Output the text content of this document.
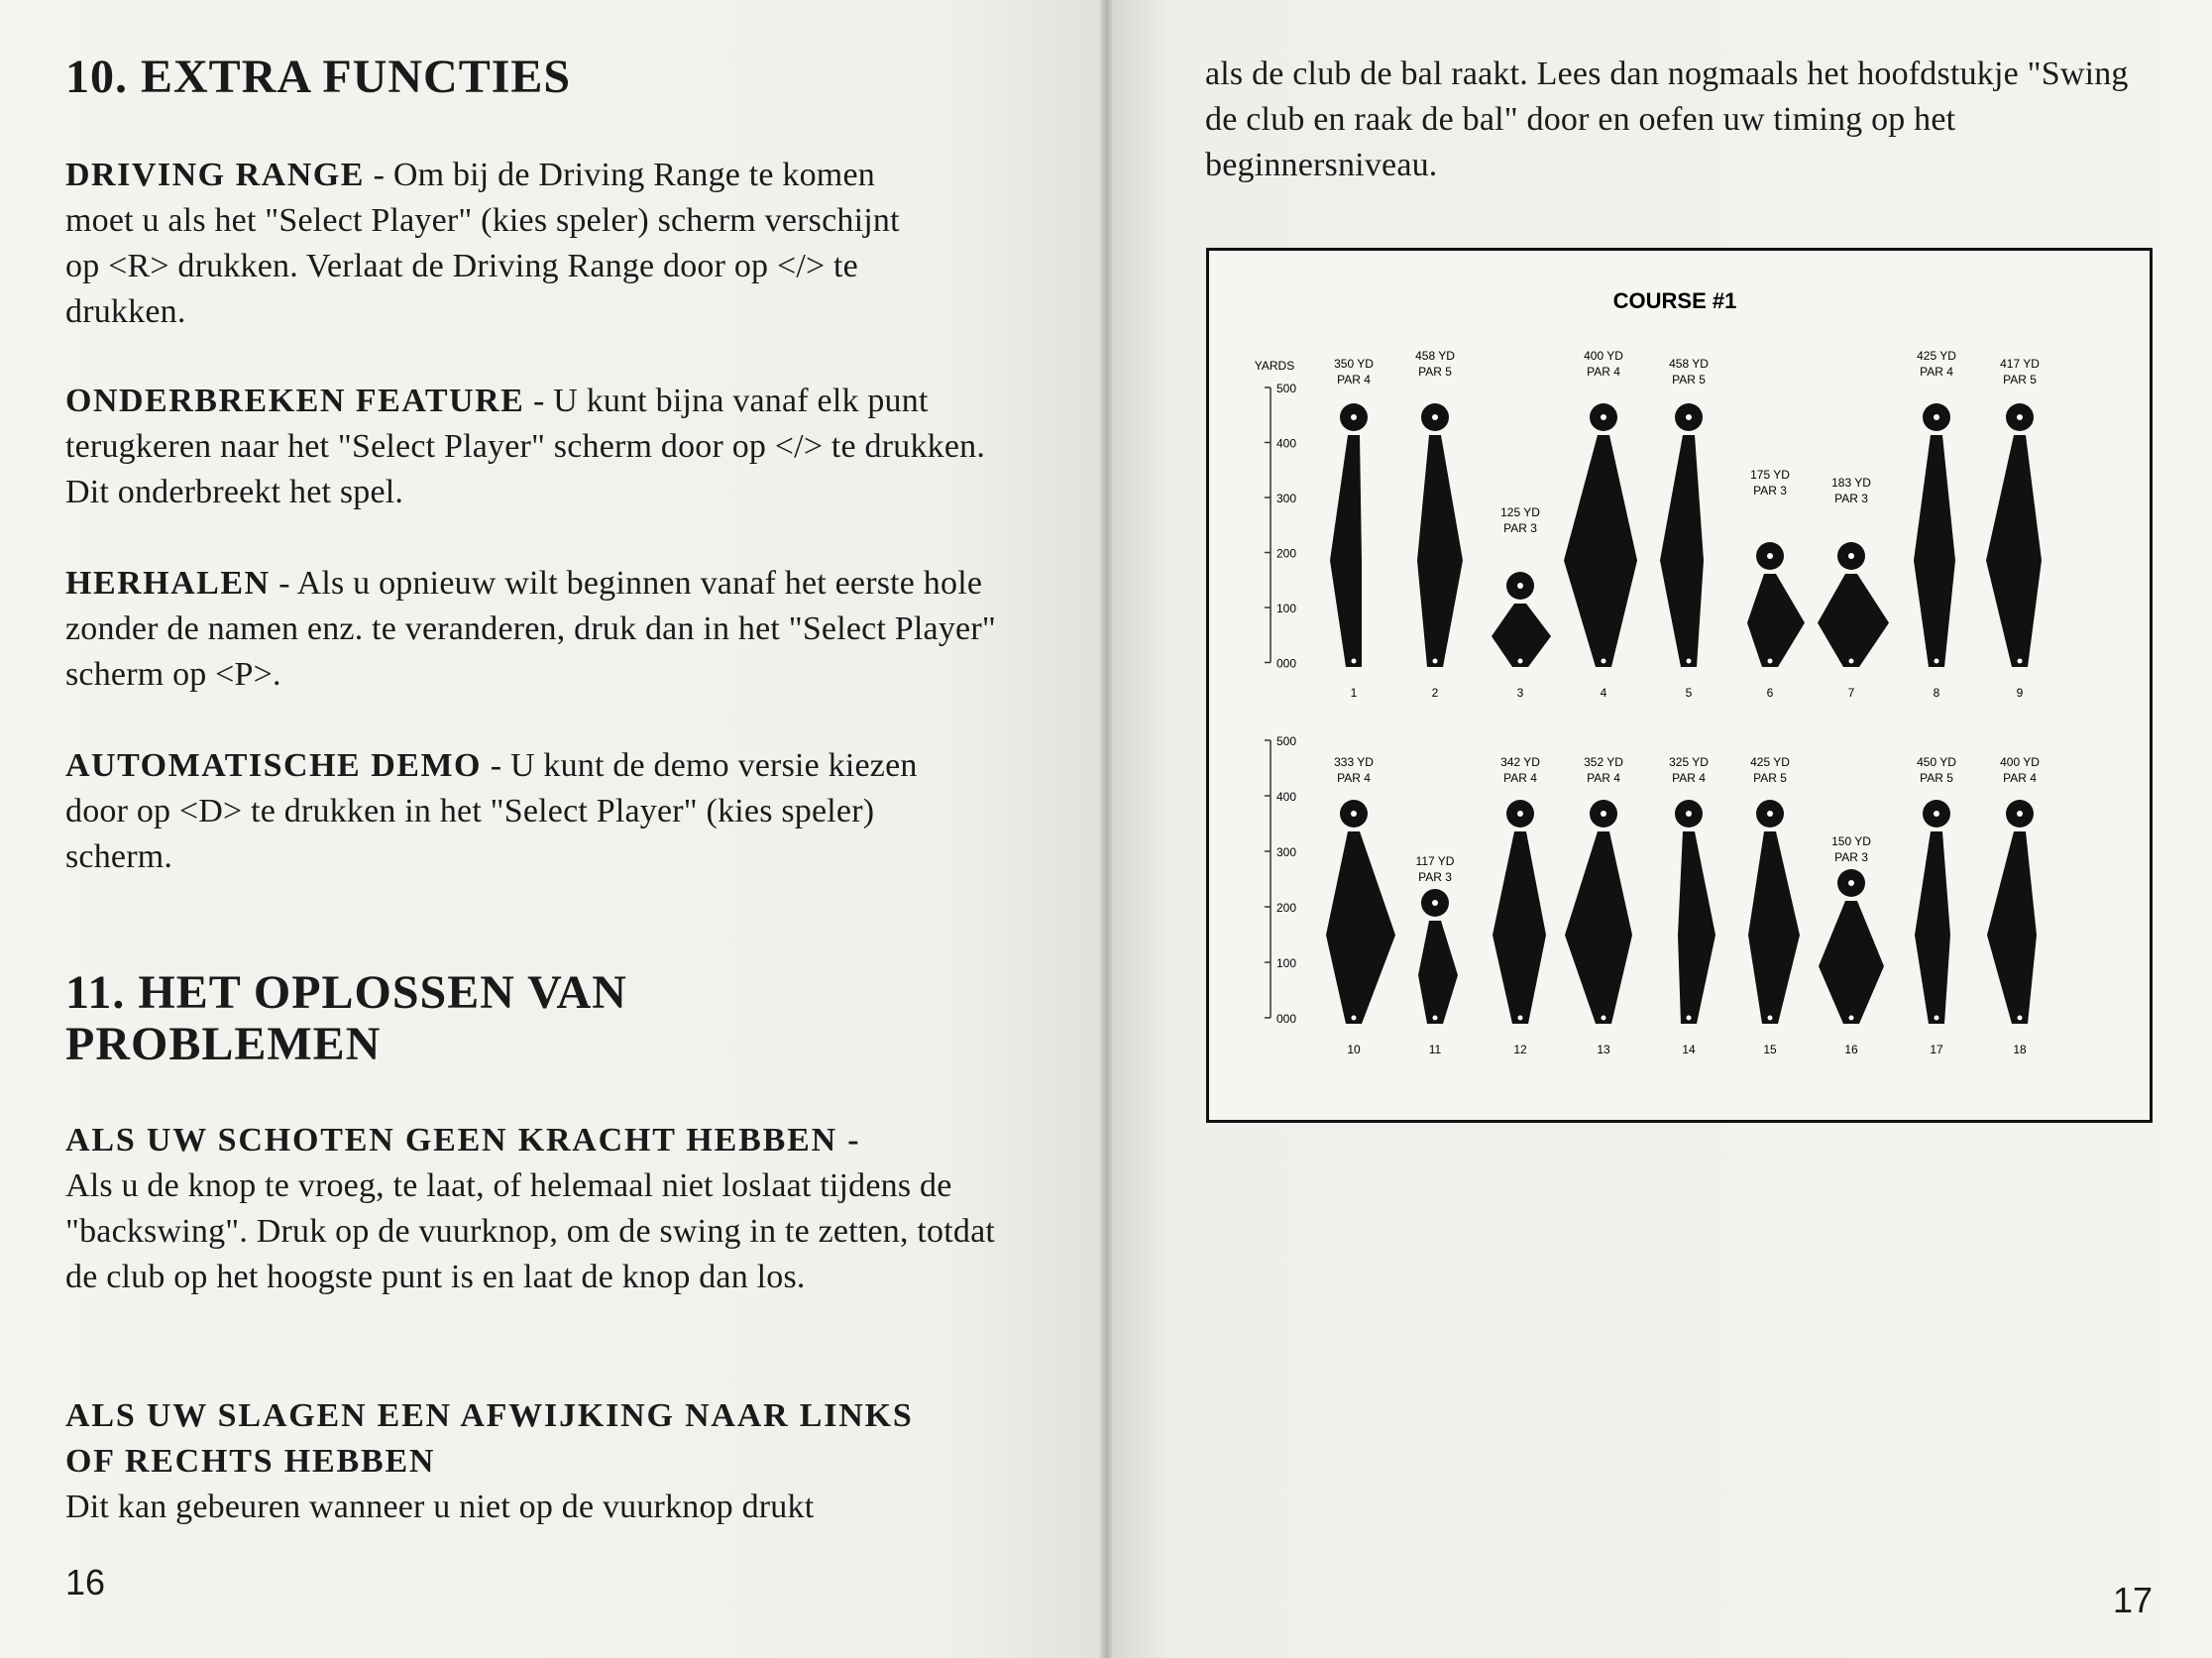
10. EXTRA FUNCTIES

DRIVING RANGE - Om bij de Driving Range te komen moet u als het "Select Player" (kies speler) scherm verschijnt op <R> drukken. Verlaat de Driving Range door op </> te drukken.

ONDERBREKEN FEATURE - U kunt bijna vanaf elk punt terugkeren naar het "Select Player" scherm door op </> te drukken. Dit onderbreekt het spel.

HERHALEN - Als u opnieuw wilt beginnen vanaf het eerste hole zonder de namen enz. te veranderen, druk dan in het "Select Player" scherm op <P>.

AUTOMATISCHE DEMO - U kunt de demo versie kiezen door op <D> te drukken in het "Select Player" (kies speler) scherm.

11. HET OPLOSSEN VAN PROBLEMEN

ALS UW SCHOTEN GEEN KRACHT HEBBEN -

Als u de knop te vroeg, te laat, of helemaal niet loslaat tijdens de "backswing". Druk op de vuurknop, om de swing in te zetten, totdat de club op het hoogste punt is en laat de knop dan los.

ALS UW SLAGEN EEN AFWIJKING NAAR LINKS OF RECHTS HEBBEN

Dit kan gebeuren wanneer u niet op de vuurknop drukt

16

als de club de bal raakt. Lees dan nogmaals het hoofdstukje "Swing de club en raak de bal" door en oefen uw timing op het beginnersniveau.

17
COURSE #1
YARDS
500
400
300
200
100
000
500
400
300
200
100
000
350 YD
PAR 4
1
333 YD
PAR 4
10
458 YD
PAR 5
2
117 YD
PAR 3
11
125 YD
PAR 3
3
342 YD
PAR 4
12
400 YD
PAR 4
4
352 YD
PAR 4
13
458 YD
PAR 5
5
325 YD
PAR 4
14
175 YD
PAR 3
6
425 YD
PAR 5
15
183 YD
PAR 3
7
150 YD
PAR 3
16
425 YD
PAR 4
8
450 YD
PAR 5
17
417 YD
PAR 5
9
400 YD
PAR 4
18
